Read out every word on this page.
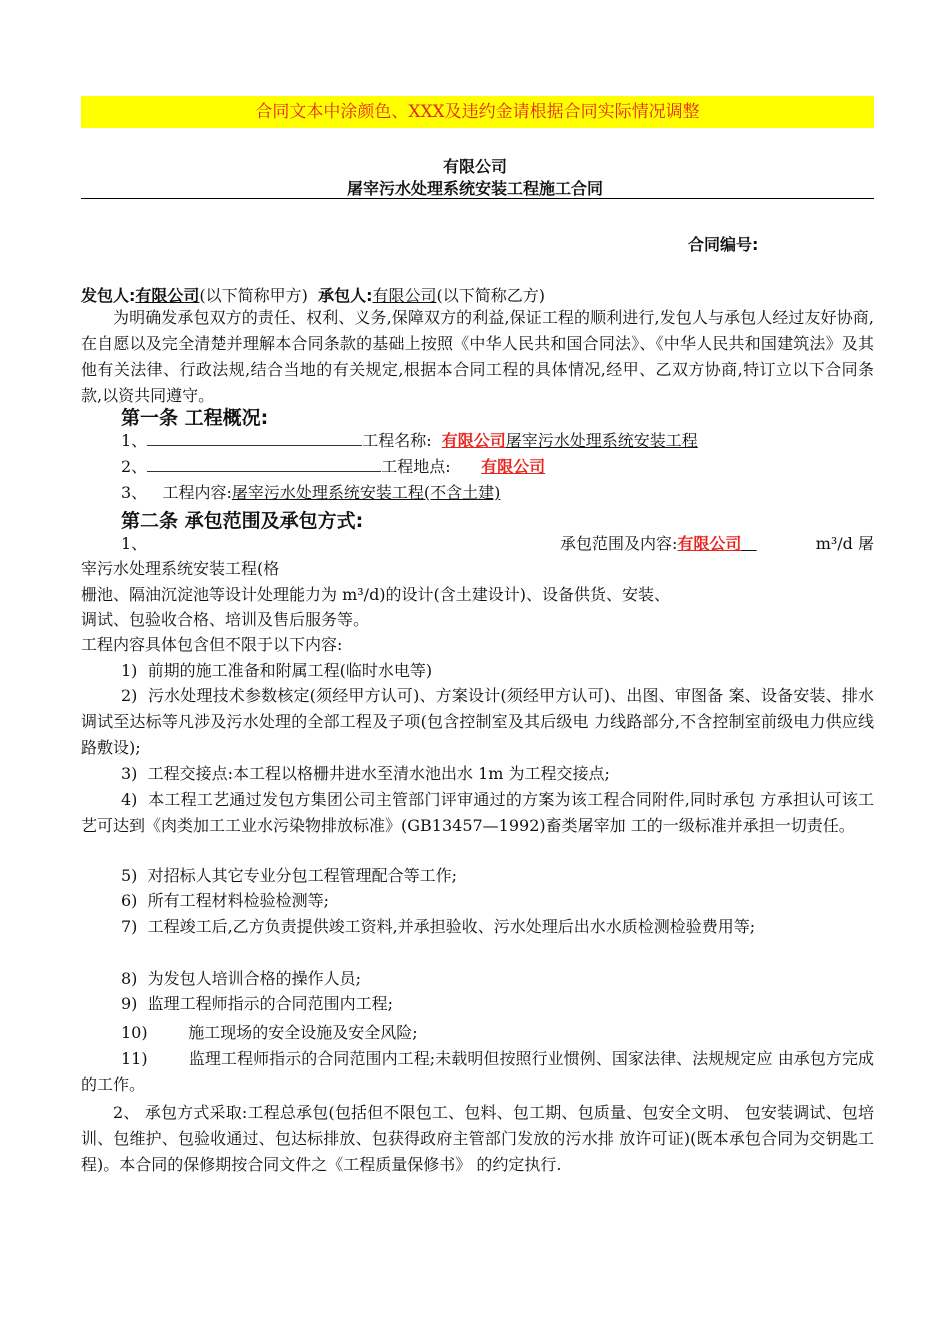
合同文本中涂颜色、XXX及违约金请根据合同实际情况调整
有限公司
屠宰污水处理系统安装工程施工合同
合同编号:
发包人:有限公司(以下简称甲方) 承包人:有限公司(以下简称乙方)
为明确发承包双方的责任、权利、义务,保障双方的利益,保证工程的顺利进行,发包人与承包人经过友好协商,在自愿以及完全清楚并理解本合同条款的基础上按照《中华人民共和国合同法》、《中华人民共和国建筑法》及其他有关法律、行政法规,结合当地的有关规定,根据本合同工程的具体情况,经甲、乙双方协商,特订立以下合同条款,以资共同遵守。
第一条 工程概况:
1、	工程名称: 有限公司屠宰污水处理系统安装工程
2、	工程地点: 有限公司
3、 工程内容:屠宰污水处理系统安装工程(不含土建)
第二条 承包范围及承包方式:
1、	承包范围及内容:有限公司	m³/d 屠
宰污水处理系统安装工程(格
栅池、隔油沉淀池等设计处理能力为 m³/d)的设计(含土建设计)、设备供货、安装、
调试、包验收合格、培训及售后服务等。
工程内容具体包含但不限于以下内容:
1) 前期的施工准备和附属工程(临时水电等)
2) 污水处理技术参数核定(须经甲方认可)、方案设计(须经甲方认可)、出图、审图备 案、设备安装、排水调试至达标等凡涉及污水处理的全部工程及子项(包含控制室及其后级电 力线路部分,不含控制室前级电力供应线路敷设);
3) 工程交接点:本工程以格栅井进水至清水池出水 1m 为工程交接点;
4) 本工程工艺通过发包方集团公司主管部门评审通过的方案为该工程合同附件,同时承包 方承担认可该工艺可达到《肉类加工工业水污染物排放标准》(GB13457—1992)畜类屠宰加 工的一级标准并承担一切责任。
5) 对招标人其它专业分包工程管理配合等工作;
6) 所有工程材料检验检测等;
7) 工程竣工后,乙方负责提供竣工资料,并承担验收、污水处理后出水水质检测检验费用等;
8) 为发包人培训合格的操作人员;
9) 监理工程师指示的合同范围内工程;
10)	施工现场的安全设施及安全风险;
11)	监理工程师指示的合同范围内工程;未载明但按照行业惯例、国家法律、法规规定应 由承包方完成的工作。
2、 承包方式采取:工程总承包(包括但不限包工、包料、包工期、包质量、包安全文明、 包安装调试、包培训、包维护、包验收通过、包达标排放、包获得政府主管部门发放的污水排 放许可证)(既本承包合同为交钥匙工程)。本合同的保修期按合同文件之《工程质量保修书》 的约定执行.
